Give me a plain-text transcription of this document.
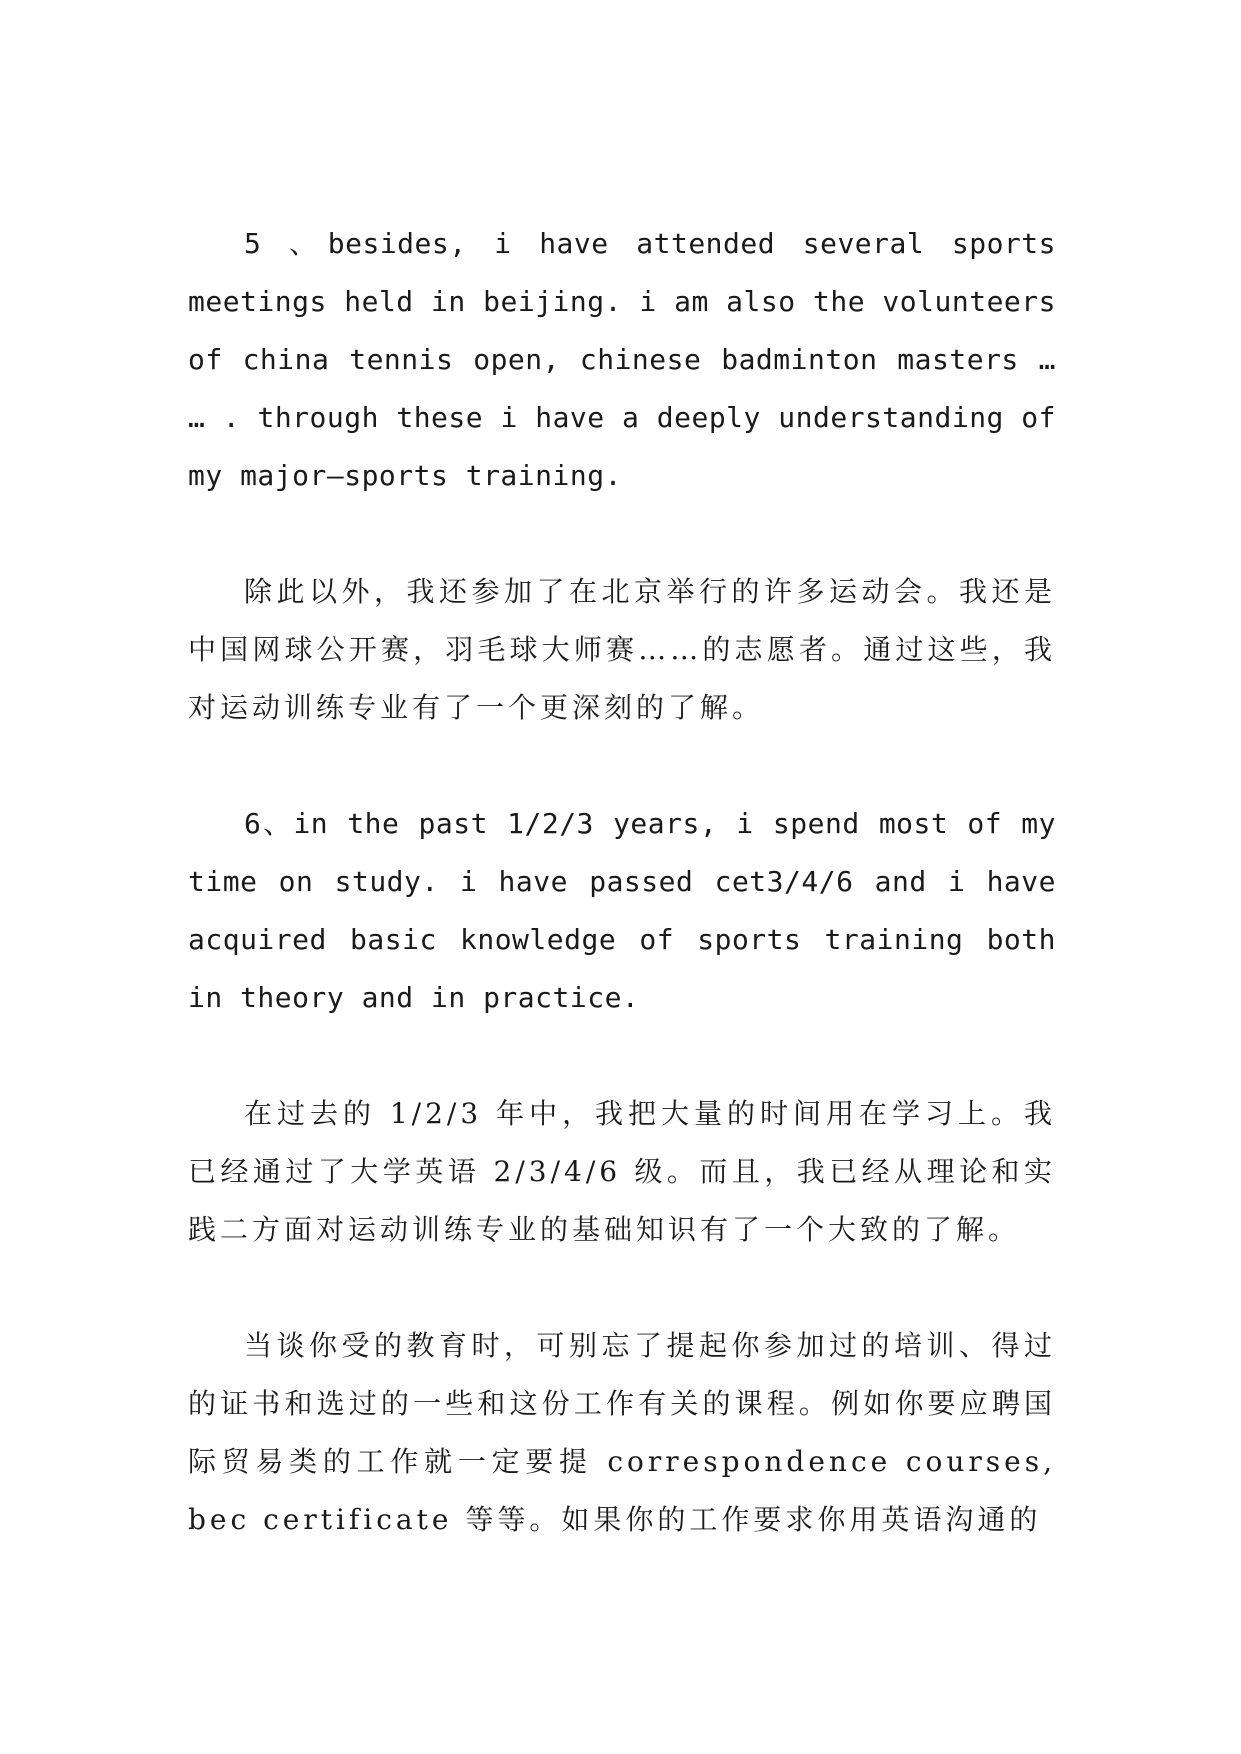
5 、besides, i have attended several sports meetings held in beijing. i am also the volunteers of china tennis open, chinese badminton masters … … . through these i have a deeply understanding of my major—sports training.

除此以外，我还参加了在北京举行的许多运动会。我还是中国网球公开赛，羽毛球大师赛……的志愿者。通过这些，我对运动训练专业有了一个更深刻的了解。

6、in the past 1/2/3 years, i spend most of my time on study. i have passed cet3/4/6 and i have acquired basic knowledge of sports training both in theory and in practice.

在过去的 1/2/3 年中，我把大量的时间用在学习上。我已经通过了大学英语 2/3/4/6 级。而且，我已经从理论和实践二方面对运动训练专业的基础知识有了一个大致的了解。

当谈你受的教育时，可别忘了提起你参加过的培训、得过的证书和选过的一些和这份工作有关的课程。例如你要应聘国际贸易类的工作就一定要提 correspondence courses, bec certificate 等等。如果你的工作要求你用英语沟通的
